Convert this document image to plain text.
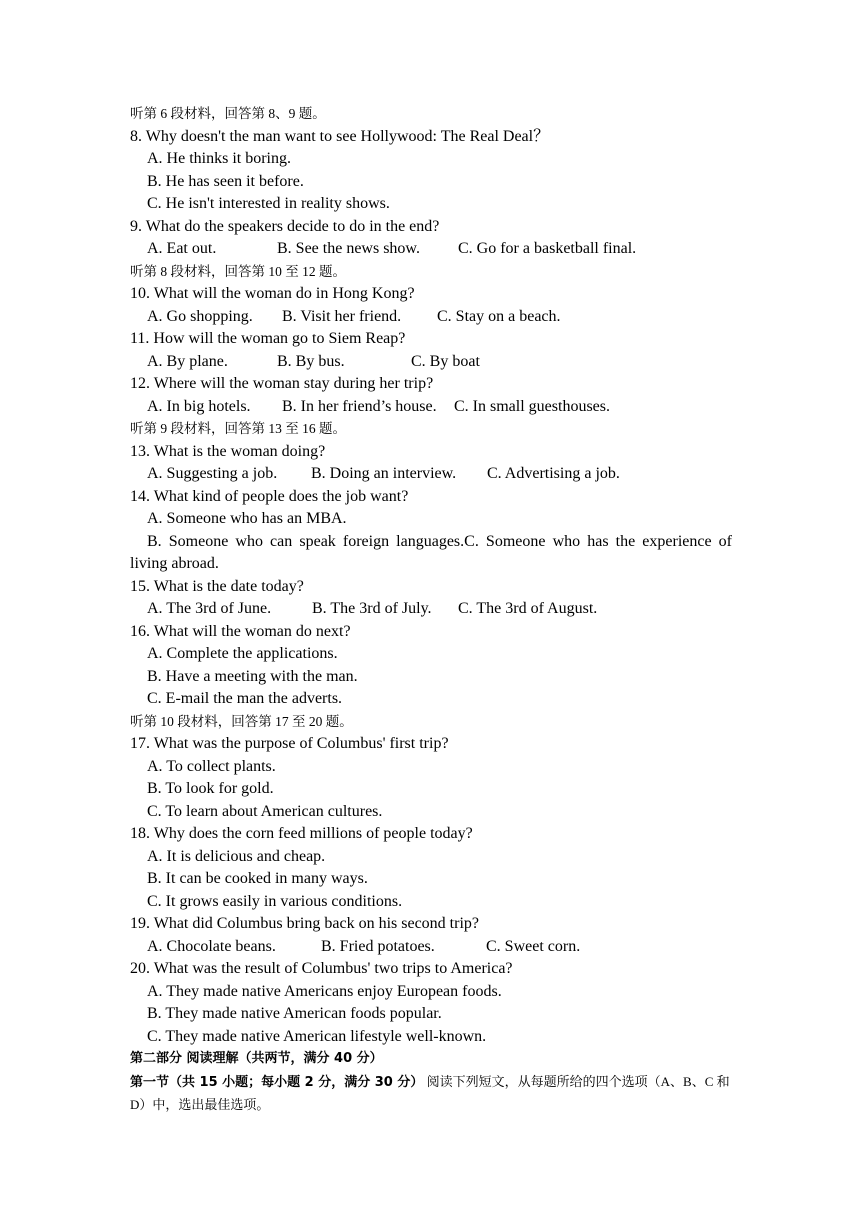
听第 6 段材料，回答第 8、9 题。
8. Why doesn't the man want to see Hollywood: The Real Deal？
A. He thinks it boring.
B. He has seen it before.
C. He isn't interested in reality shows.
9. What do the speakers decide to do in the end?
A. Eat out.	B. See the news show. C. Go for a basketball final.
听第 8 段材料，回答第 10 至 12 题。
10. What will the woman do in Hong Kong?
A. Go shopping. B. Visit her friend. C. Stay on a beach.
11. How will the woman go to Siem Reap?
A. By plane.	B. By bus.	C. By boat
12. Where will the woman stay during her trip?
A. In big hotels. B. In her friend’s house. C. In small guesthouses.
听第 9 段材料，回答第 13 至 16 题。
13. What is the woman doing?
A. Suggesting a job. B. Doing an interview. C. Advertising a job.
14. What kind of people does the job want?
A. Someone who has an MBA.
B. Someone who can speak foreign languages.C. Someone who has the experience of living abroad.
15. What is the date today?
A. The 3rd of June.	B. The 3rd of July. C. The 3rd of August.
16. What will the woman do next?
A. Complete the applications.
B. Have a meeting with the man.
C. E-mail the man the adverts.
听第 10 段材料，回答第 17 至 20 题。
17. What was the purpose of Columbus' first trip?
A. To collect plants.
B. To look for gold.
C. To learn about American cultures.
18. Why does the corn feed millions of people today?
A. It is delicious and cheap.
B. It can be cooked in many ways.
C. It grows easily in various conditions.
19. What did Columbus bring back on his second trip?
A. Chocolate beans.	B. Fried potatoes.	C. Sweet corn.
20. What was the result of Columbus' two trips to America?
A. They made native Americans enjoy European foods.
B. They made native American foods popular.
C. They made native American lifestyle well-known.
第二部分 阅读理解（共两节，满分 40 分）
第一节（共 15 小题；每小题 2 分，满分 30 分） 阅读下列短文，从每题所给的四个选项（A、B、C 和 D）中，选出最佳选项。
